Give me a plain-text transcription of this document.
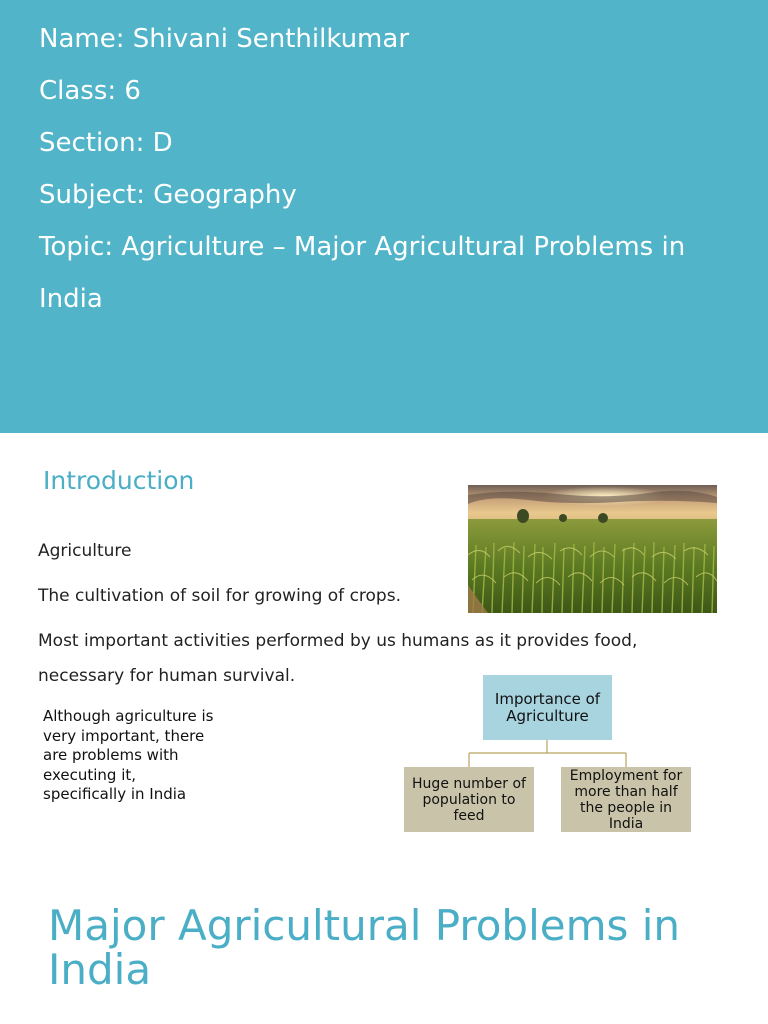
Name: Shivani Senthilkumar
Class: 6
Section: D
Subject: Geography
Topic: Agriculture – Major Agricultural Problems in
India
Introduction
Agriculture
The cultivation of soil for growing of crops.
Most important activities performed by us humans as it provides food,
necessary for human survival.
Although agriculture is very important, there are problems with executing it, specifically in India
Importance of Agriculture
Huge number of population to feed
Employment for more than half the people in India
Major Agricultural Problems in India
